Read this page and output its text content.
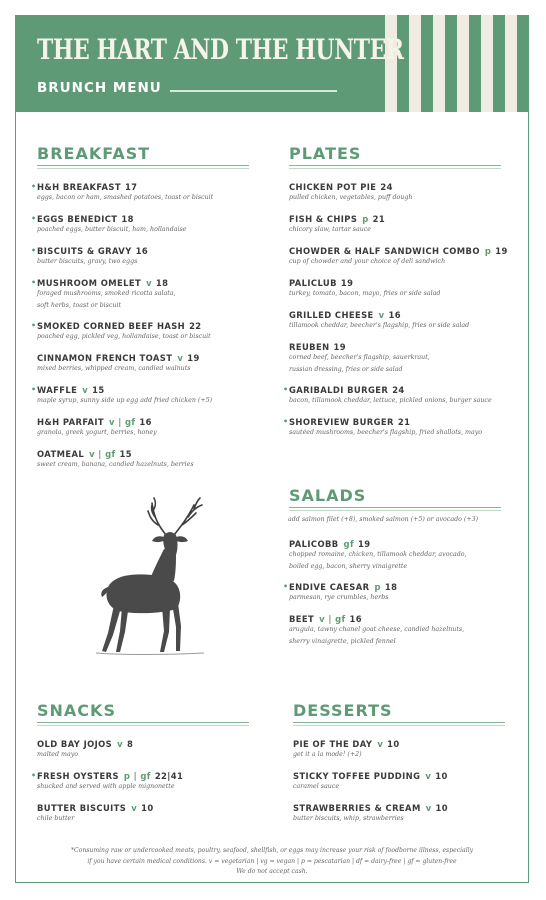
THE HART AND THE HUNTER
BRUNCH MENU
BREAKFAST	PLATES
SALADS
add salmon filet (+8), smoked salmon (+5) or avocado (+3)
SNACKS	DESSERTS
• H&H BREAKFAST 17
eggs, bacon or ham, smashed potatoes, toast or biscuit
• EGGS BENEDICT 18
poached eggs, butter biscuit, ham, hollandaise
• BISCUITS & GRAVY 16
butter biscuits, gravy, two eggs
• MUSHROOM OMELET v 18
foraged mushrooms, smoked ricotta salata,
soft herbs, toast or biscuit
• SMOKED CORNED BEEF HASH 22
poached egg, pickled veg, hollandaise, toast or biscuit
CINNAMON FRENCH TOAST v 19
mixed berries, whipped cream, candied walnuts
• WAFFLE v 15
maple syrup, sunny side up egg add fried chicken (+5)
H&H PARFAIT v | gf 16
granola, greek yogurt, berries, honey
OATMEAL v | gf 15
sweet cream, banana, candied hazelnuts, berries
CHICKEN POT PIE 24
pulled chicken, vegetables, puff dough
FISH & CHIPS p 21
chicory slaw, tartar sauce
CHOWDER & HALF SANDWICH COMBO p 19
cup of chowder and your choice of deli sandwich
PALICLUB 19
turkey, tomato, bacon, mayo, fries or side salad
GRILLED CHEESE v 16
tillamook cheddar, beecher's flagship, fries or side salad
REUBEN 19
corned beef, beecher's flagship, sauerkraut,
russian dressing, fries or side salad
• GARIBALDI BURGER 24
bacon, tillamook cheddar, lettuce, pickled onions, burger sauce
• SHOREVIEW BURGER 21
sautéed mushrooms, beecher's flagship, fried shallots, mayo
PALICOBB gf 19
chopped romaine, chicken, tillamook cheddar, avocado,
boiled egg, bacon, sherry vinaigrette
• ENDIVE CAESAR p 18
parmesan, rye crumbles, herbs
BEET v | gf 16
arugula, tawny chanel goat cheese, candied hazelnuts,
sherry vinaigrette, pickled fennel
OLD BAY JOJOS v 8
malted mayo
• FRESH OYSTERS p | gf 22|41
shucked and served with apple mignonette
BUTTER BISCUITS v 10
chile butter
PIE OF THE DAY v 10
get it a la mode! (+2)
STICKY TOFFEE PUDDING v 10
caramel sauce
STRAWBERRIES & CREAM v 10
butter biscuits, whip, strawberries
*Consuming raw or undercooked meats, poultry, seafood, shellfish, or eggs may increase your risk of foodborne illness, especially
if you have certain medical conditions. v = vegetarian | vg = vegan | p = pescatarian | df = dairy-free | gf = gluten-free
We do not accept cash.
